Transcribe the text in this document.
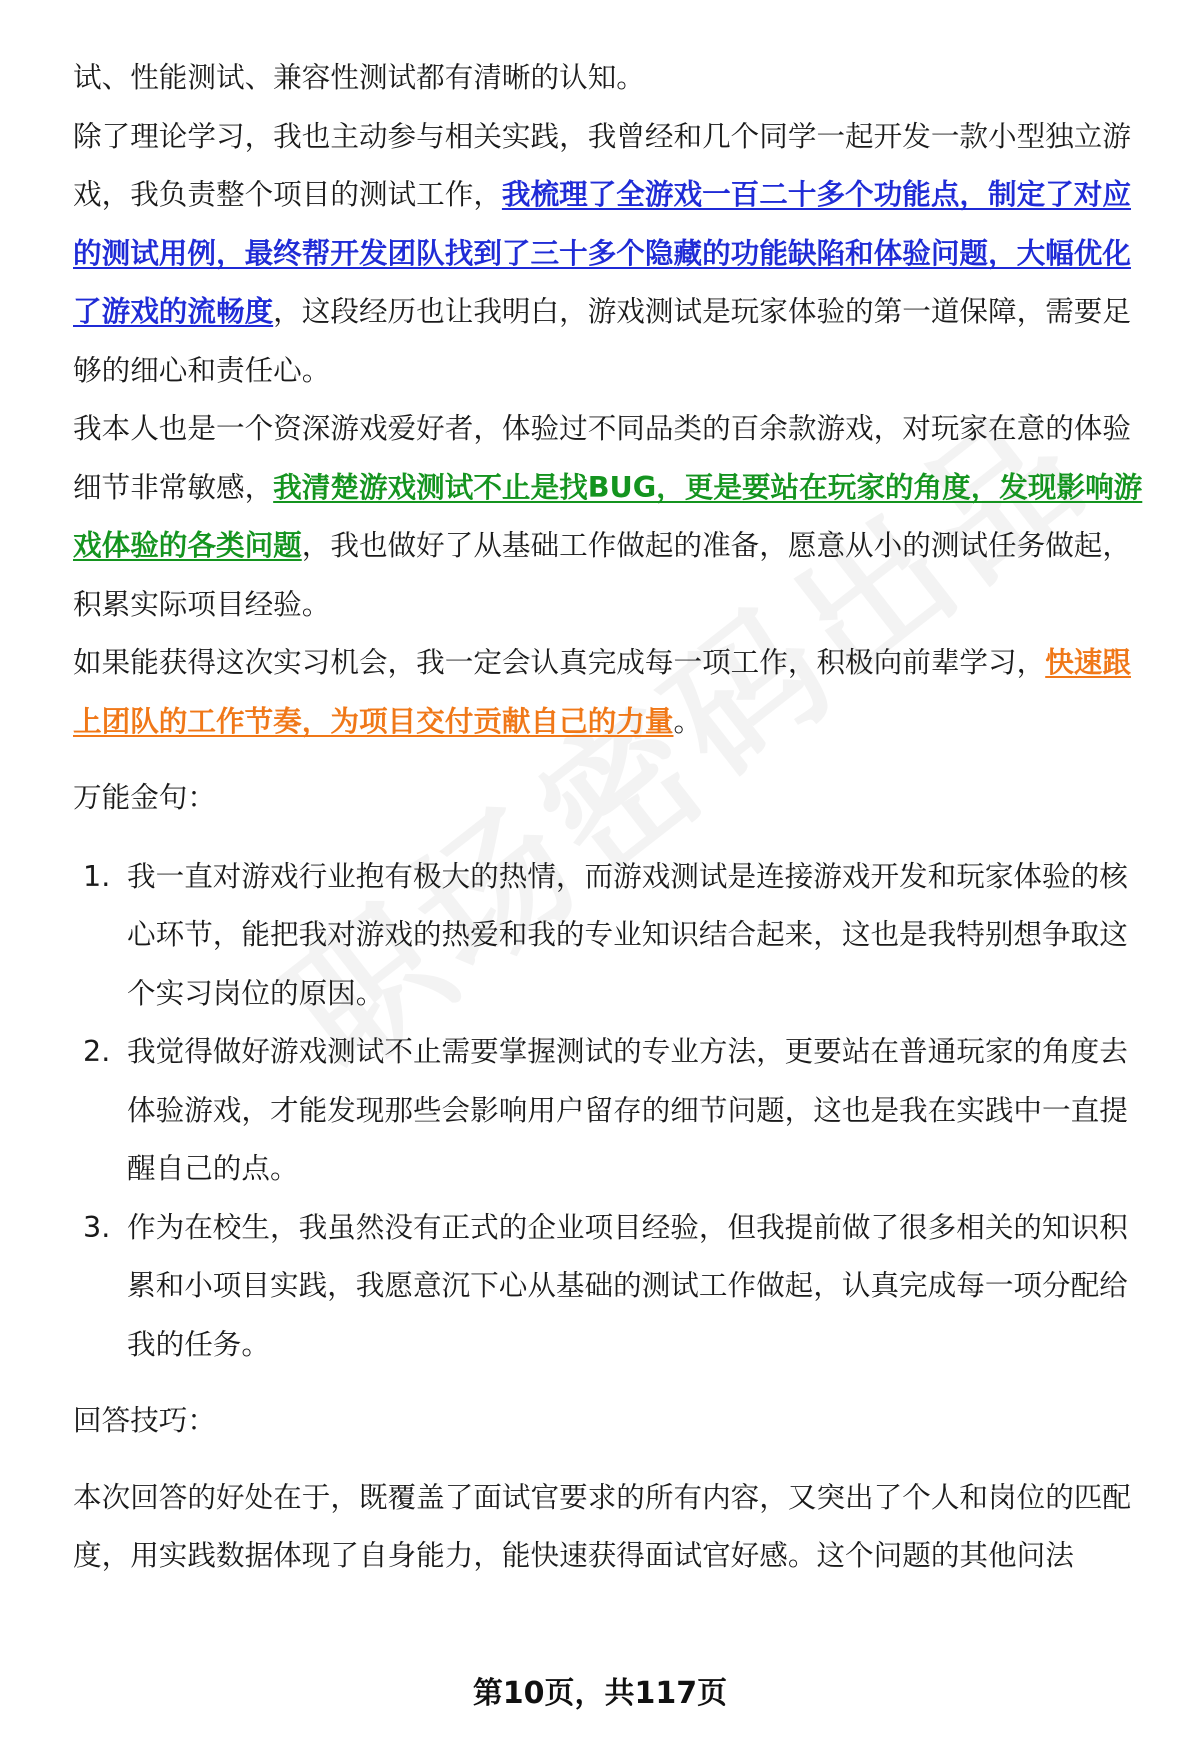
试、性能测试、兼容性测试都有清晰的认知。

除了理论学习，我也主动参与相关实践，我曾经和几个同学一起开发一款小型独立游戏，我负责整个项目的测试工作，我梳理了全游戏一百二十多个功能点，制定了对应的测试用例，最终帮开发团队找到了三十多个隐藏的功能缺陷和体验问题，大幅优化了游戏的流畅度，这段经历也让我明白，游戏测试是玩家体验的第一道保障，需要足够的细心和责任心。

我本人也是一个资深游戏爱好者，体验过不同品类的百余款游戏，对玩家在意的体验细节非常敏感，我清楚游戏测试不止是找BUG，更是要站在玩家的角度，发现影响游戏体验的各类问题，我也做好了从基础工作做起的准备，愿意从小的测试任务做起，积累实际项目经验。

如果能获得这次实习机会，我一定会认真完成每一项工作，积极向前辈学习，快速跟上团队的工作节奏，为项目交付贡献自己的力量。

万能金句：
1. 我一直对游戏行业抱有极大的热情，而游戏测试是连接游戏开发和玩家体验的核心环节，能把我对游戏的热爱和我的专业知识结合起来，这也是我特别想争取这个实习岗位的原因。
2. 我觉得做好游戏测试不止需要掌握测试的专业方法，更要站在普通玩家的角度去体验游戏，才能发现那些会影响用户留存的细节问题，这也是我在实践中一直提醒自己的点。
3. 作为在校生，我虽然没有正式的企业项目经验，但我提前做了很多相关的知识积累和小项目实践，我愿意沉下心从基础的测试工作做起，认真完成每一项分配给我的任务。
回答技巧：

本次回答的好处在于，既覆盖了面试官要求的所有内容，又突出了个人和岗位的匹配度，用实践数据体现了自身能力，能快速获得面试官好感。这个问题的其他问法

第10页，共117页
